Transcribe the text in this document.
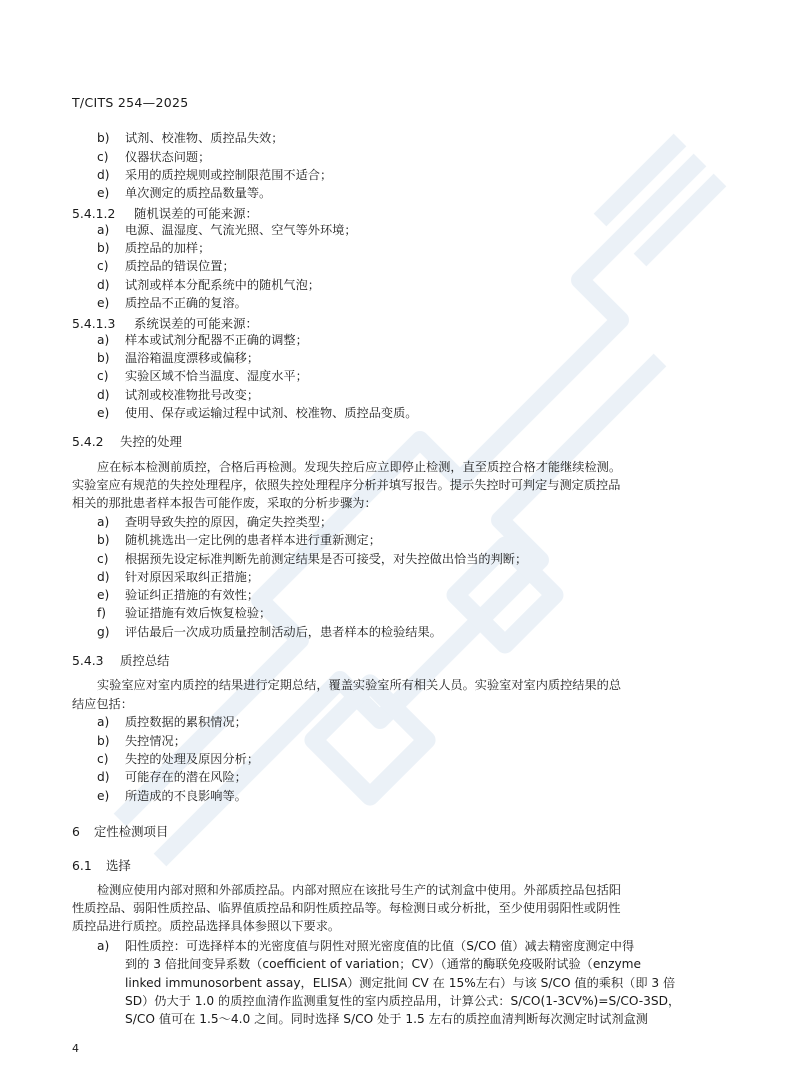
T/CITS 254—2025
b) 试剂、校准物、质控品失效；
c) 仪器状态问题；
d) 采用的质控规则或控制限范围不适合；
e) 单次测定的质控品数量等。
5.4.1.2 随机误差的可能来源：
a) 电源、温湿度、气流光照、空气等外环境；
b) 质控品的加样；
c) 质控品的错误位置；
d) 试剂或样本分配系统中的随机气泡；
e) 质控品不正确的复溶。
5.4.1.3 系统误差的可能来源：
a) 样本或试剂分配器不正确的调整；
b) 温浴箱温度漂移或偏移；
c) 实验区域不恰当温度、湿度水平；
d) 试剂或校准物批号改变；
e) 使用、保存或运输过程中试剂、校准物、质控品变质。
5.4.2 失控的处理
应在标本检测前质控，合格后再检测。发现失控后应立即停止检测，直至质控合格才能继续检测。
实验室应有规范的失控处理程序，依照失控处理程序分析并填写报告。提示失控时可判定与测定质控品
相关的那批患者样本报告可能作废，采取的分析步骤为：
a) 查明导致失控的原因，确定失控类型；
b) 随机挑选出一定比例的患者样本进行重新测定；
c) 根据预先设定标准判断先前测定结果是否可接受，对失控做出恰当的判断；
d) 针对原因采取纠正措施；
e) 验证纠正措施的有效性；
f) 验证措施有效后恢复检验；
g) 评估最后一次成功质量控制活动后，患者样本的检验结果。
5.4.3 质控总结
实验室应对室内质控的结果进行定期总结，覆盖实验室所有相关人员。实验室对室内质控结果的总
结应包括：
a) 质控数据的累积情况；
b) 失控情况；
c) 失控的处理及原因分析；
d) 可能存在的潜在风险；
e) 所造成的不良影响等。
6 定性检测项目
6.1 选择
检测应使用内部对照和外部质控品。内部对照应在该批号生产的试剂盒中使用。外部质控品包括阳
性质控品、弱阳性质控品、临界值质控品和阴性质控品等。每检测日或分析批，至少使用弱阳性或阴性
质控品进行质控。质控品选择具体参照以下要求。
a) 阳性质控：可选择样本的光密度值与阴性对照光密度值的比值（S/CO 值）减去精密度测定中得
到的 3 倍批间变异系数（coefficient of variation；CV）（通常的酶联免疫吸附试验（enzyme
linked immunosorbent assay，ELISA）测定批间 CV 在 15%左右）与该 S/CO 值的乘积（即 3 倍
SD）仍大于 1.0 的质控血清作监测重复性的室内质控品用，计算公式：S/CO(1-3CV%)=S/CO-3SD，
S/CO 值可在 1.5～4.0 之间。同时选择 S/CO 处于 1.5 左右的质控血清判断每次测定时试剂盒测
4
